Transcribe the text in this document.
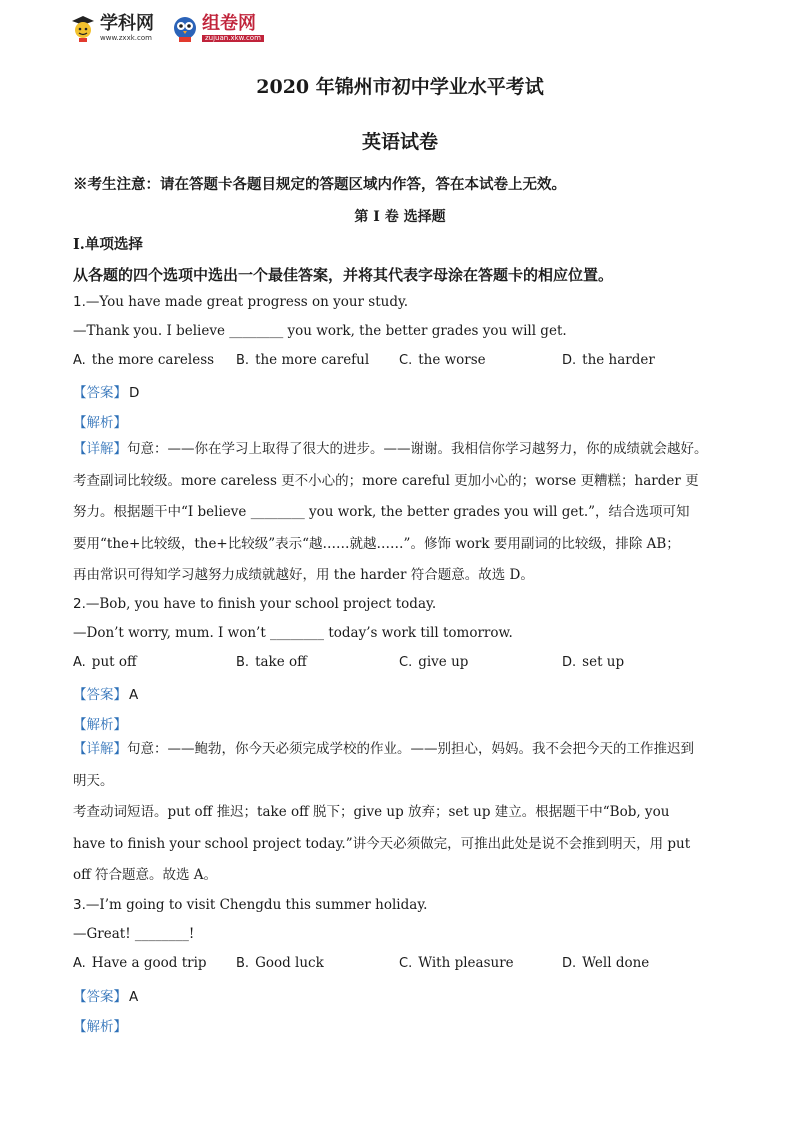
学科网
www.zxxk.com
组卷网
zujuan.xkw.com
2020 年锦州市初中学业水平考试
英语试卷
※考生注意：请在答题卡各题目规定的答题区域内作答，答在本试卷上无效。
第 I 卷 选择题
Ⅰ.单项选择
从各题的四个选项中选出一个最佳答案，并将其代表字母涂在答题卡的相应位置。
1.—You have made great progress on your study.
—Thank you. I believe ________ you work, the better grades you will get.
A. the more careless	B. the more careful	C. the worse	D. the harder
【答案】 D
【解析】
【详解】句意：——你在学习上取得了很大的进步。——谢谢。我相信你学习越努力，你的成绩就会越好。
考查副词比较级。more careless 更不小心的；more careful 更加小心的；worse 更糟糕；harder 更
努力。根据题干中“I believe ________ you work, the better grades you will get.”，结合选项可知
要用“the+比较级，the+比较级”表示“越……就越……”。修饰 work 要用副词的比较级，排除 AB；
再由常识可得知学习越努力成绩就越好，用 the harder 符合题意。故选 D。
2.—Bob, you have to finish your school project today.
—Don’t worry, mum. I won’t ________ today’s work till tomorrow.
A. put off	B. take off	C. give up	D. set up
【答案】 A
【解析】
【详解】句意：——鲍勃，你今天必须完成学校的作业。——别担心，妈妈。我不会把今天的工作推迟到
明天。
考查动词短语。put off 推迟；take off 脱下；give up 放弃；set up 建立。根据题干中“Bob, you
have to finish your school project today.”讲今天必须做完，可推出此处是说不会推到明天，用 put
off 符合题意。故选 A。
3.—I’m going to visit Chengdu this summer holiday.
—Great! ________!
A. Have a good trip	B. Good luck	C. With pleasure	D. Well done
【答案】 A
【解析】
